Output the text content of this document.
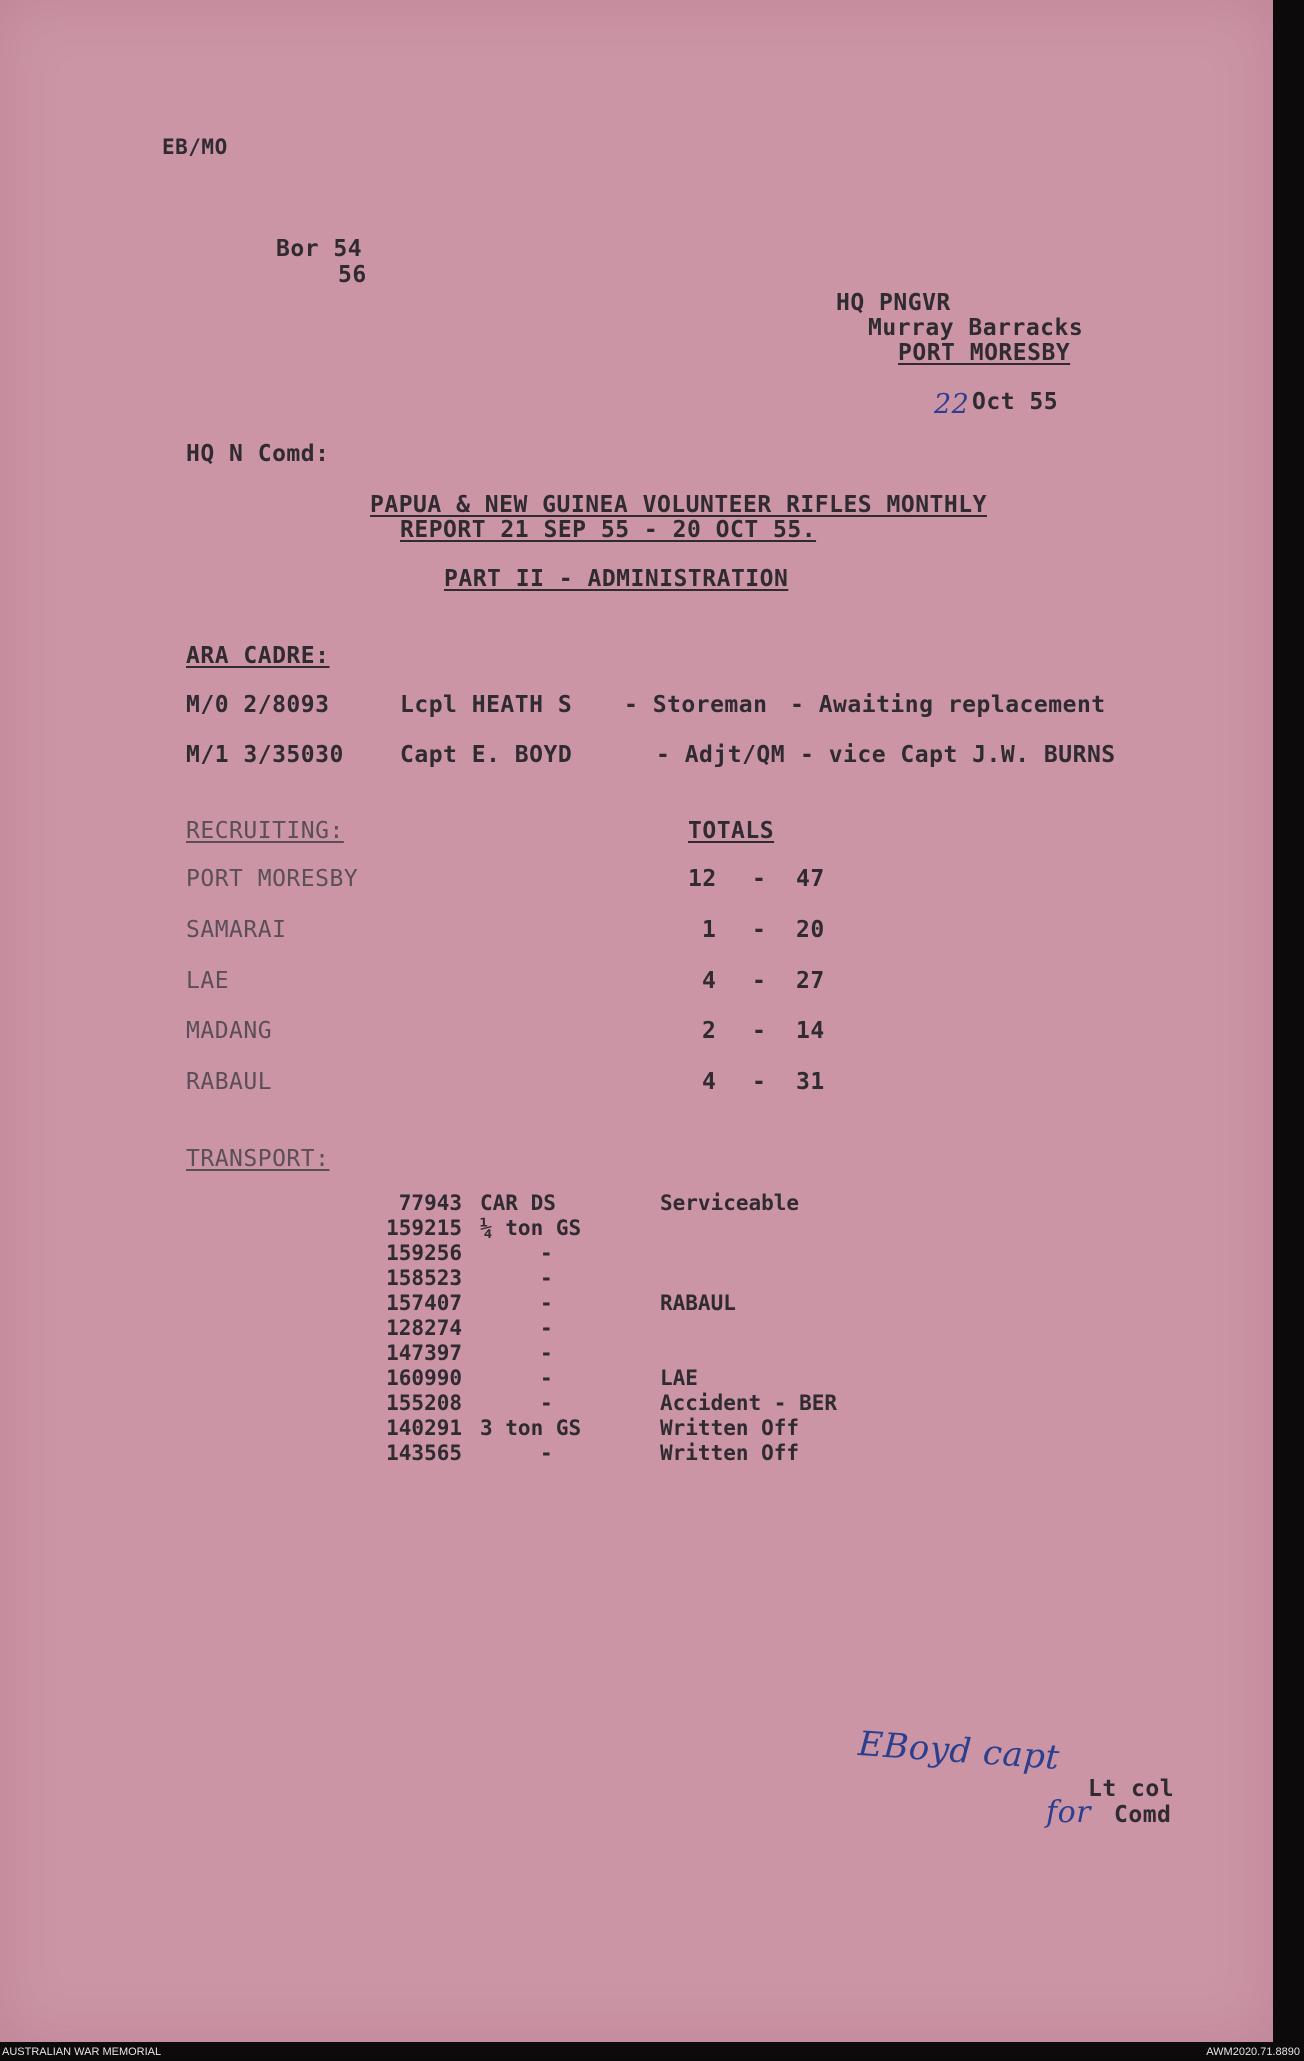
EB/MO
Bor 54
56
HQ PNGVR
Murray Barracks
PORT MORESBY
22 Oct 55
HQ N Comd:
PAPUA & NEW GUINEA VOLUNTEER RIFLES MONTHLY
REPORT 21 SEP 55 - 20 OCT 55.
PART II - ADMINISTRATION
ARA CADRE:
M/0 2/8093	Lcpl HEATH S - Storeman - Awaiting replacement
M/1 3/35030 Capt E. BOYD	- Adjt/QM - vice Capt J.W. BURNS
RECRUITING:	TOTALS
PORT MORESBY	12 - 47
SAMARAI	1 - 20
LAE	4 - 27
MADANG	2 - 14
RABAUL	4 - 31
TRANSPORT:
77943	CAR DS	Serviceable
159215	¼ ton GS	
159256	-	
158523	-	
157407	-	RABAUL
128274	-	
147397	-	
160990	-	LAE
155208	-	Accident - BER
140291	3 ton GS	Written Off
143565	-	Written Off
EBoyd capt
for
Lt col
Comd
AUSTRALIAN WAR MEMORIAL	AWM2020.71.8890
